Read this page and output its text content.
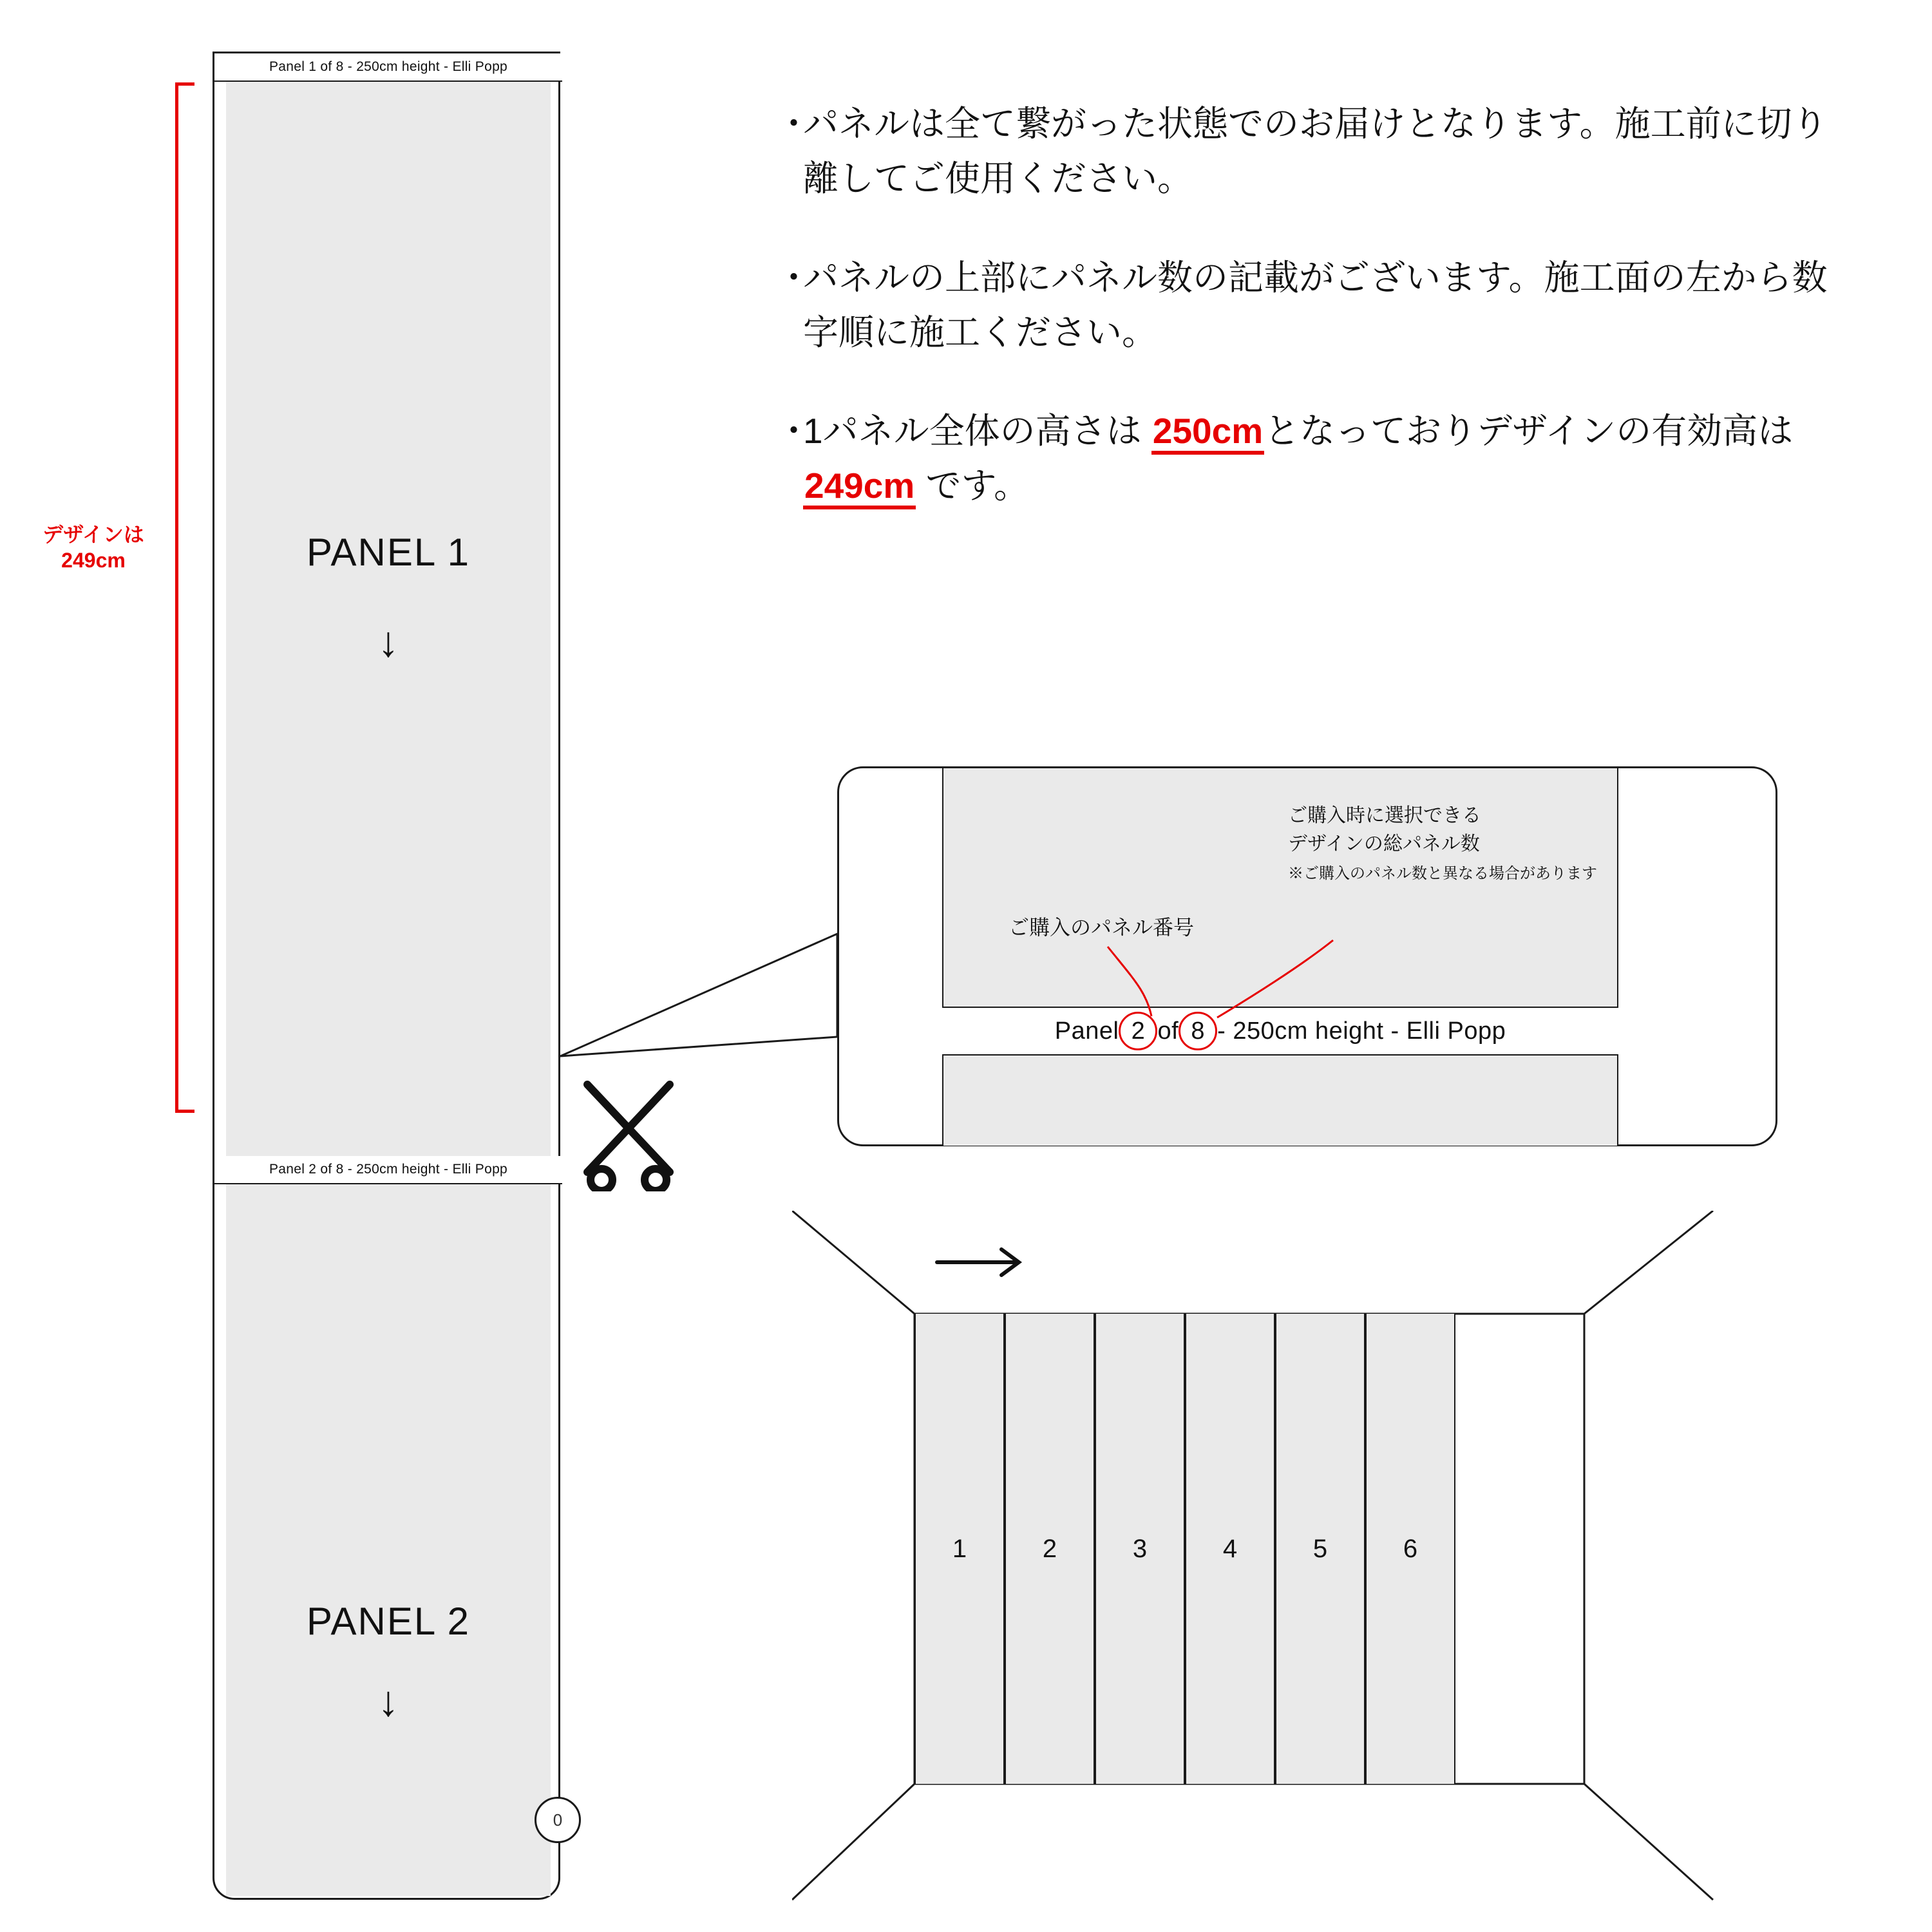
Panel 1 of 8 - 250cm height - Elli Popp
PANEL 1
↓
Panel 2 of 8 - 250cm height - Elli Popp
PANEL 2
↓
0
デザインは
249cm
・
パネルは全て繋がった状態でのお届けとなります。施工前に切り離してご使用ください。
・
パネルの上部にパネル数の記載がございます。施工面の左から数字順に施工ください。
・
1パネル全体の高さは 250cmとなっておりデザインの有効高は 249cm です。
Panel 2 of 8 - 250cm height - Elli Popp
ご購入のパネル番号
ご購入時に選択できる
デザインの総パネル数
※ご購入のパネル数と異なる場合があります
1	2	3	4	5	6
